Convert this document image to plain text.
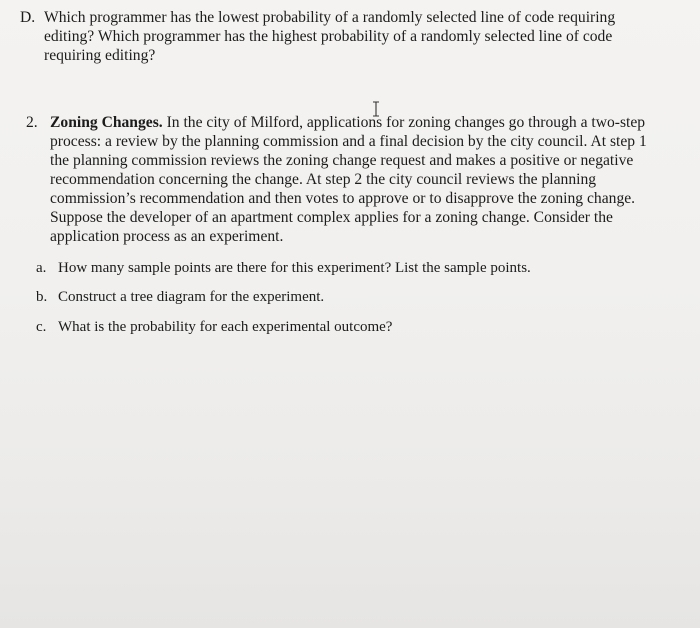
D. Which programmer has the lowest probability of a randomly selected line of code requiring
editing? Which programmer has the highest probability of a randomly selected line of code
requiring editing?
2. Zoning Changes. In the city of Milford, applications for zoning changes go through a two-step
process: a review by the planning commission and a final decision by the city council. At step 1
the planning commission reviews the zoning change request and makes a positive or negative
recommendation concerning the change. At step 2 the city council reviews the planning
commission’s recommendation and then votes to approve or to disapprove the zoning change.
Suppose the developer of an apartment complex applies for a zoning change. Consider the
application process as an experiment.
a. How many sample points are there for this experiment? List the sample points.
b. Construct a tree diagram for the experiment.
c. What is the probability for each experimental outcome?
